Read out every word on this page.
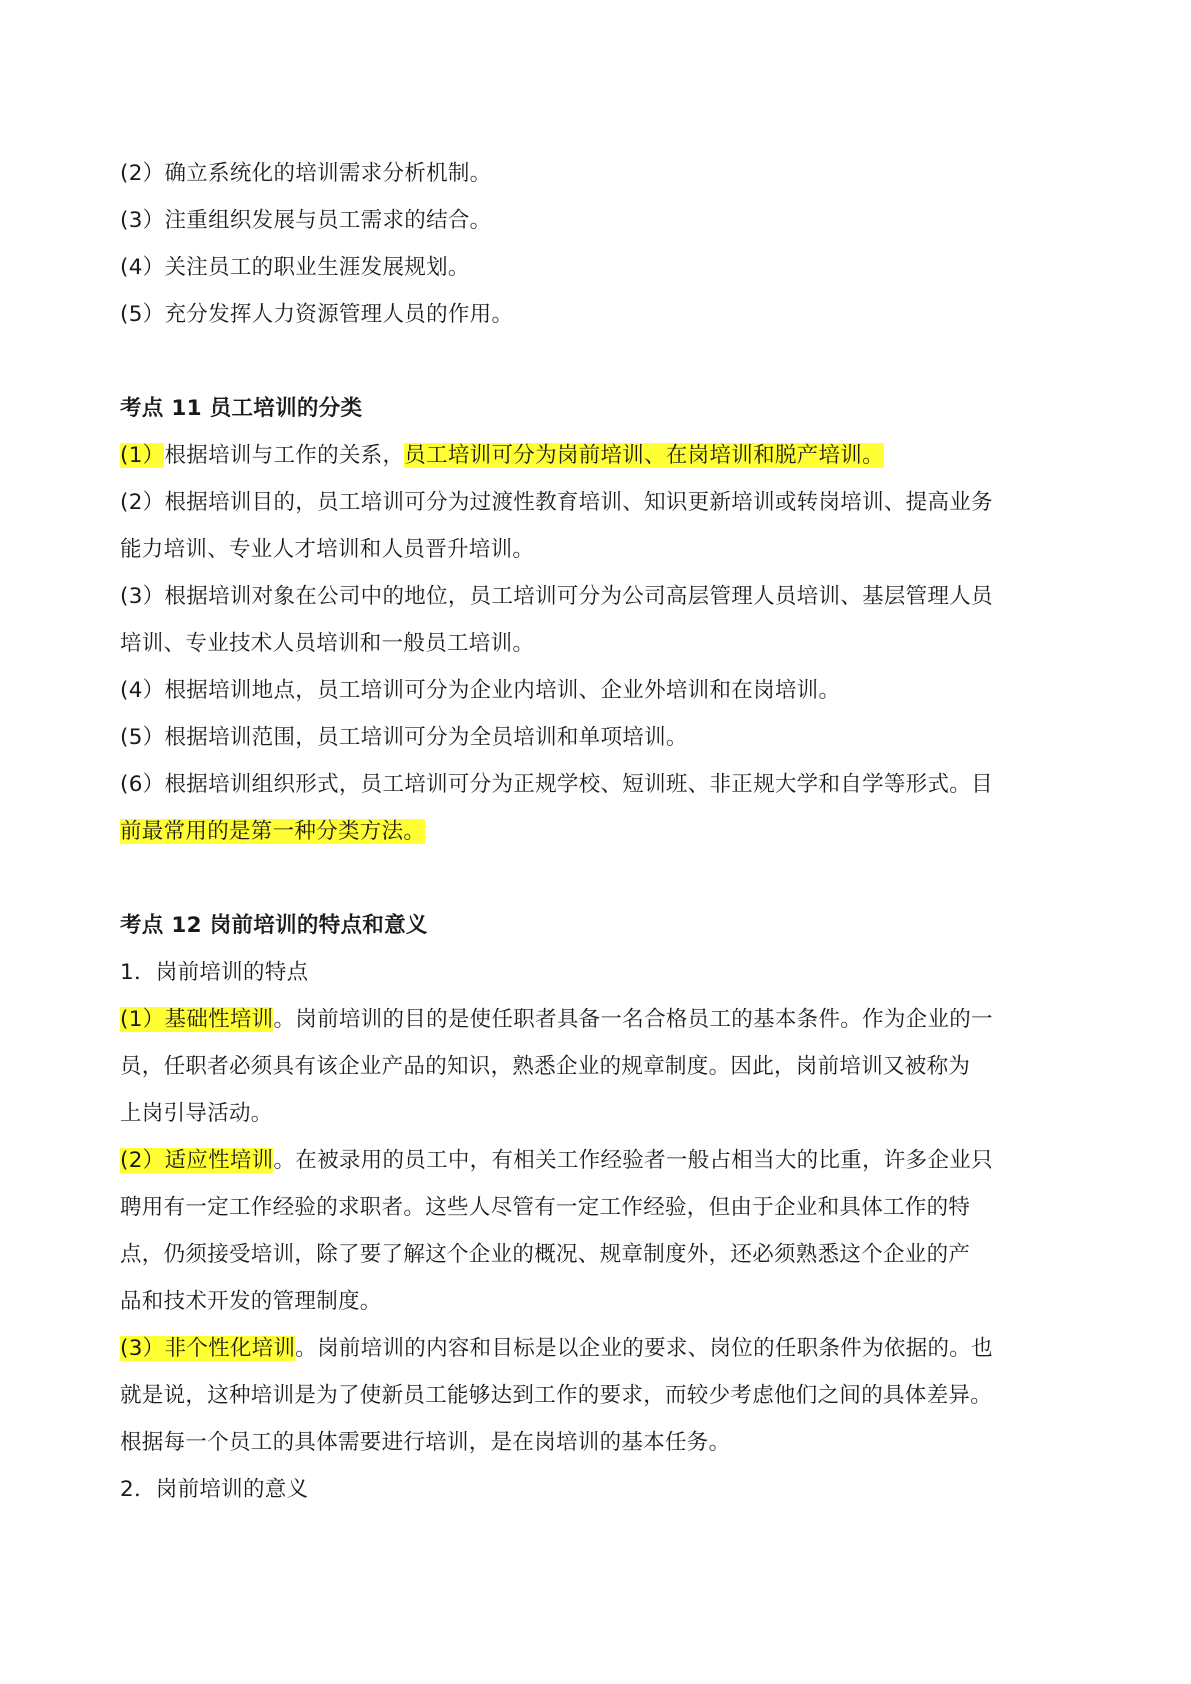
(2）确立系统化的培训需求分析机制。
(3）注重组织发展与员工需求的结合。
(4）关注员工的职业生涯发展规划。
(5）充分发挥人力资源管理人员的作用。
考点 11 员工培训的分类
(1）根据培训与工作的关系，员工培训可分为岗前培训、在岗培训和脱产培训。
(2）根据培训目的，员工培训可分为过渡性教育培训、知识更新培训或转岗培训、提高业务
能力培训、专业人才培训和人员晋升培训。
(3）根据培训对象在公司中的地位，员工培训可分为公司高层管理人员培训、基层管理人员
培训、专业技术人员培训和一般员工培训。
(4）根据培训地点，员工培训可分为企业内培训、企业外培训和在岗培训。
(5）根据培训范围，员工培训可分为全员培训和单项培训。
(6）根据培训组织形式，员工培训可分为正规学校、短训班、非正规大学和自学等形式。目
前最常用的是第一种分类方法。
考点 12 岗前培训的特点和意义
1．岗前培训的特点
(1）基础性培训。岗前培训的目的是使任职者具备一名合格员工的基本条件。作为企业的一
员，任职者必须具有该企业产品的知识，熟悉企业的规章制度。因此，岗前培训又被称为
上岗引导活动。
(2）适应性培训。在被录用的员工中，有相关工作经验者一般占相当大的比重，许多企业只
聘用有一定工作经验的求职者。这些人尽管有一定工作经验，但由于企业和具体工作的特
点，仍须接受培训，除了要了解这个企业的概况、规章制度外，还必须熟悉这个企业的产
品和技术开发的管理制度。
(3）非个性化培训。岗前培训的内容和目标是以企业的要求、岗位的任职条件为依据的。也
就是说，这种培训是为了使新员工能够达到工作的要求，而较少考虑他们之间的具体差异。
根据每一个员工的具体需要进行培训，是在岗培训的基本任务。
2．岗前培训的意义
